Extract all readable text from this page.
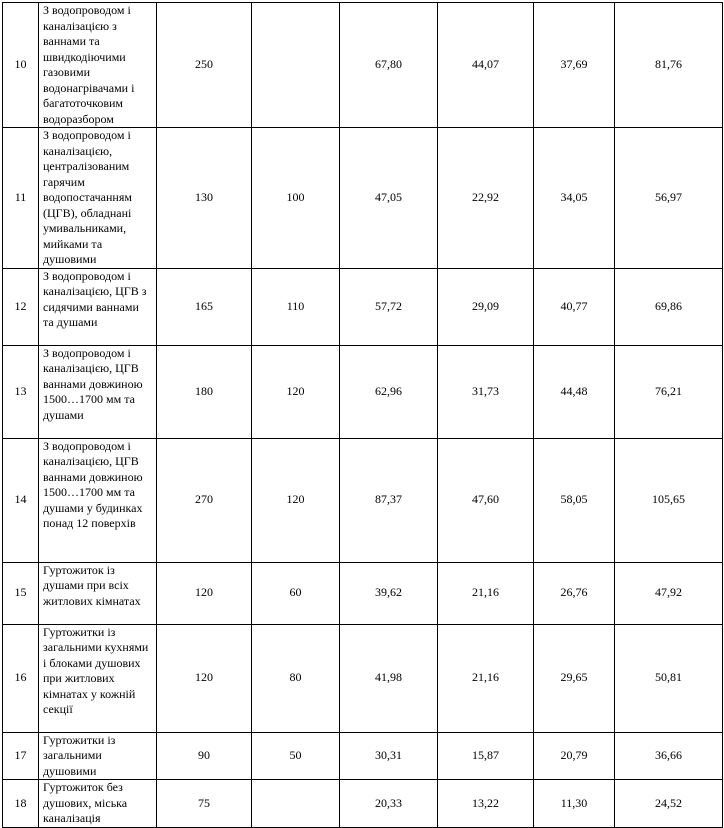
10	З водопроводом і каналізацією з ваннами та швидкодіючими газовими водонагрівачами і багатоточковим водоразбором	250		67,80	44,07	37,69	81,76
11	З водопроводом і каналізацією, централізованим гарячим водопостачанням (ЦГВ), обладнані умивальниками, мийками та душовими	130	100	47,05	22,92	34,05	56,97
12	З водопроводом і каналізацією, ЦГВ з сидячими ваннами та душами	165	110	57,72	29,09	40,77	69,86
13	З водопроводом і каналізацією, ЦГВ ваннами довжиною 1500…1700 мм та душами	180	120	62,96	31,73	44,48	76,21
14	З водопроводом і каналізацією, ЦГВ ваннами довжиною 1500…1700 мм та душами у будинках понад 12 поверхів	270	120	87,37	47,60	58,05	105,65
15	Гуртожиток із душами при всіх житлових кімнатах	120	60	39,62	21,16	26,76	47,92
16	Гуртожитки із загальними кухнями і блоками душових при житлових кімнатах у кожній секції	120	80	41,98	21,16	29,65	50,81
17	Гуртожитки із загальними душовими	90	50	30,31	15,87	20,79	36,66
18	Гуртожиток без душових, міська каналізація	75		20,33	13,22	11,30	24,52
